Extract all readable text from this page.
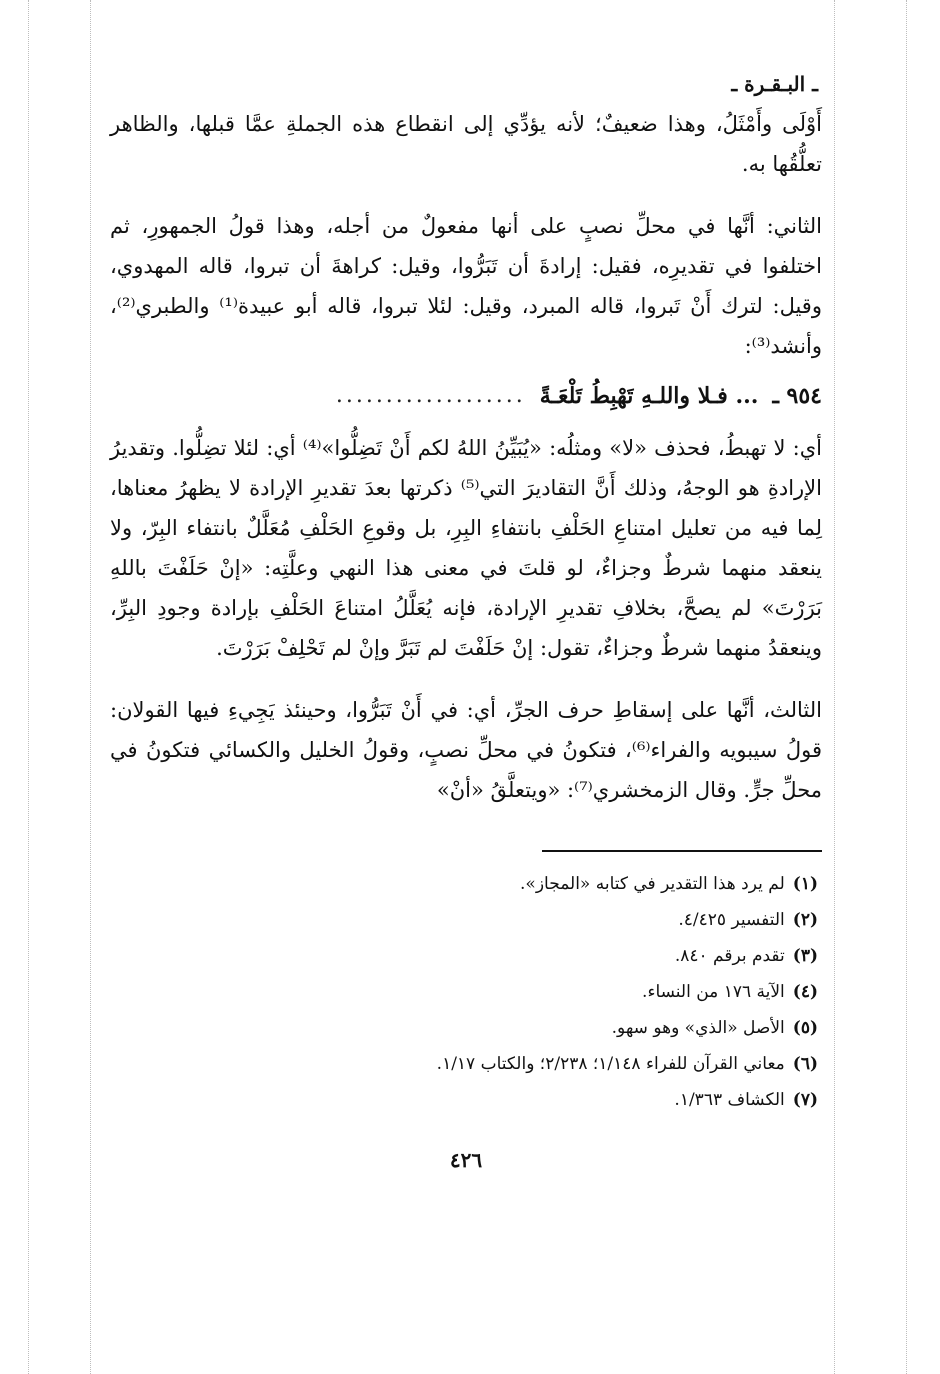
ـ البـقـرة ـ

أَوْلَى وأَمْثَلُ، وهذا ضعيفٌ؛ لأنه يؤدِّي إلى انقطاع هذه الجملةِ عمَّا قبلها، والظاهر تعلُّقُها به.

الثاني: أنَّها في محلِّ نصبٍ على أنها مفعولٌ من أجله، وهذا قولُ الجمهورِ، ثم اختلفوا في تقديرِه، فقيل: إرادةَ أن تَبَرُّوا، وقيل: كراهةَ أن تبروا، قاله المهدوي، وقيل: لترك أَنْ تَبروا، قاله المبرد، وقيل: لئلا تبروا، قاله أبو عبيدة⁽¹⁾ والطبري⁽²⁾، وأنشد⁽³⁾:

٩٥٤ ـ
... فـلا واللـهِ تَهْبِطُ تَلْعَـةً
...................

أي: لا تهبطُ، فحذف «لا» ومثلُه: «يُبَيِّنُ اللهُ لكم أَنْ تَضِلُّوا»⁽⁴⁾ أي: لئلا تضِلُّوا. وتقديرُ الإرادةِ هو الوجهُ، وذلك أَنَّ التقاديرَ التي⁽⁵⁾ ذكرتها بعدَ تقديرِ الإرادة لا يظهرُ معناها، لِما فيه من تعليل امتناعِ الحَلْفِ بانتفاءِ البِرِ، بل وقوعِ الحَلْفِ مُعَلَّلٌ بانتفاء البِرّ، ولا ينعقد منهما شرطٌ وجزاءٌ، لو قلتَ في معنى هذا النهي وعلَّتِه: «إنْ حَلَفْتَ باللهِ بَرَرْتَ» لم يصحَّ، بخلافِ تقديرِ الإرادة، فإنه يُعَلَّلُ امتناعَ الحَلْفِ بإرادة وجودِ البِرِّ، وينعقدُ منهما شرطٌ وجزاءٌ، تقول: إنْ حَلَفْتَ لم تَبَرَّ وإنْ لم تَحْلِفْ بَرَرْتَ.

الثالث، أنَّها على إسقاطِ حرف الجرِّ، أي: في أَنْ تَبَرُّوا، وحينئذ يَجِيءِ فيها القولان: قولُ سيبويه والفراء⁽⁶⁾، فتكونُ في محلِّ نصبٍ، وقولُ الخليل والكسائي فتكونُ في محلِّ جرٍّ. وقال الزمخشري⁽⁷⁾: «ويتعلَّقُ «أنْ»

(١)لم يرد هذا التقدير في كتابه «المجاز».
(٢)التفسير ٤/٤٢٥.
(٣)تقدم برقم ٨٤٠.
(٤)الآية ١٧٦ من النساء.
(٥)الأصل «الذي» وهو سهو.
(٦)معاني القرآن للفراء ١/١٤٨؛ ٢/٢٣٨؛ والكتاب ١/١٧.
(٧)الكشاف ١/٣٦٣.
٤٢٦
